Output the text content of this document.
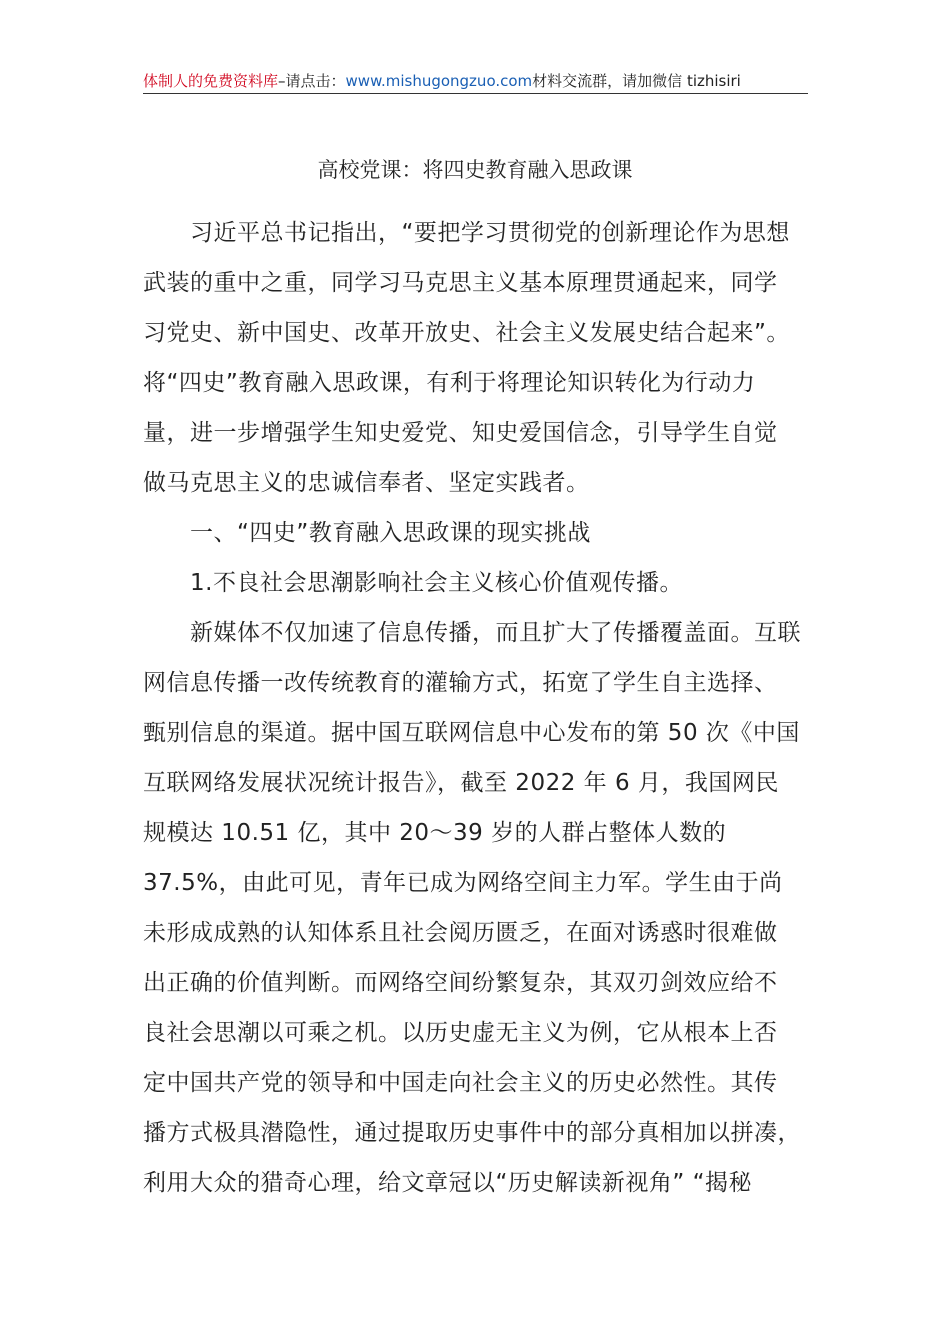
体制人的免费资料库–请点击：www.mishugongzuo.com材料交流群，请加微信 tizhisiri
高校党课：将四史教育融入思政课
　　习近平总书记指出，“要把学习贯彻党的创新理论作为思想
武装的重中之重，同学习马克思主义基本原理贯通起来，同学
习党史、新中国史、改革开放史、社会主义发展史结合起来”。
将“四史”教育融入思政课，有利于将理论知识转化为行动力
量，进一步增强学生知史爱党、知史爱国信念，引导学生自觉
做马克思主义的忠诚信奉者、坚定实践者。
　　一、“四史”教育融入思政课的现实挑战
　　1.不良社会思潮影响社会主义核心价值观传播。
　　新媒体不仅加速了信息传播，而且扩大了传播覆盖面。互联
网信息传播一改传统教育的灌输方式，拓宽了学生自主选择、
甄别信息的渠道。据中国互联网信息中心发布的第 50 次《中国
互联网络发展状况统计报告》，截至 2022 年 6 月，我国网民
规模达 10.51 亿，其中 20～39 岁的人群占整体人数的
37.5%，由此可见，青年已成为网络空间主力军。学生由于尚
未形成成熟的认知体系且社会阅历匮乏，在面对诱惑时很难做
出正确的价值判断。而网络空间纷繁复杂，其双刃剑效应给不
良社会思潮以可乘之机。以历史虚无主义为例，它从根本上否
定中国共产党的领导和中国走向社会主义的历史必然性。其传
播方式极具潜隐性，通过提取历史事件中的部分真相加以拼凑，
利用大众的猎奇心理，给文章冠以“历史解读新视角” “揭秘
